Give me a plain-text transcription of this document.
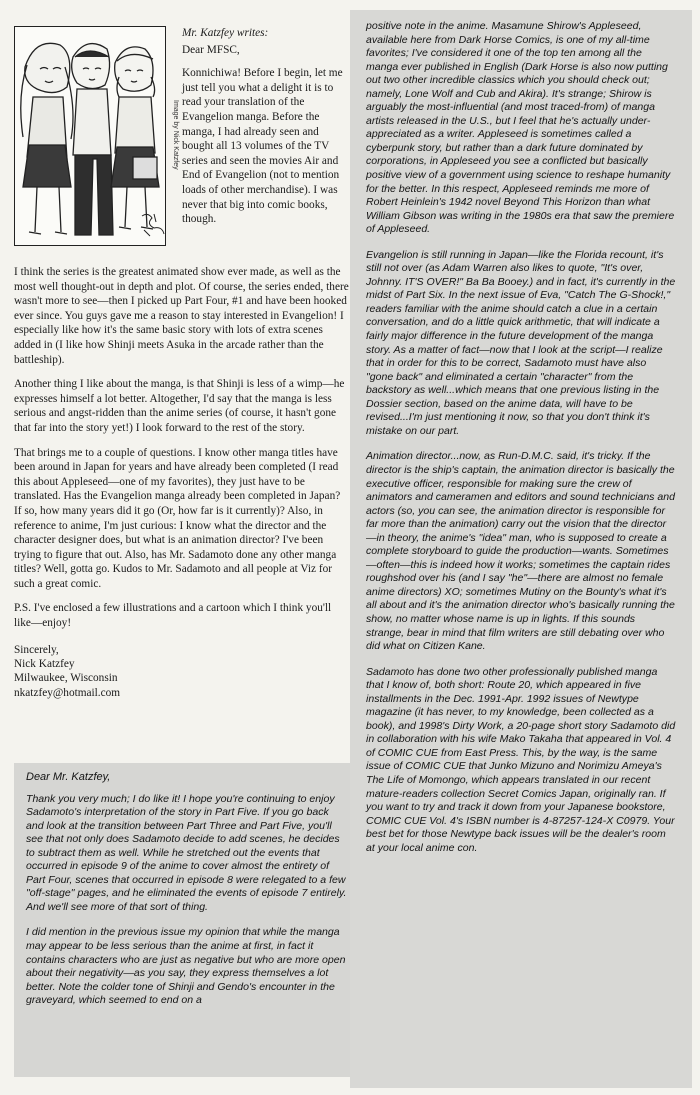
Image by Nick Katzfey
Mr. Katzfey writes:
Dear MFSC,

Konnichiwa! Before I begin, let me just tell you what a delight it is to read your translation of the Evangelion manga. Before the manga, I had already seen and bought all 13 volumes of the TV series and seen the movies Air and End of Evangelion (not to mention loads of other merchandise). I was never that big into comic books, though.

I think the series is the greatest animated show ever made, as well as the most well thought-out in depth and plot. Of course, the series ended, there wasn't more to see—then I picked up Part Four, #1 and have been hooked ever since. You guys gave me a reason to stay interested in Evangelion! I especially like how it's the same basic story with lots of extra scenes added in (I like how Shinji meets Asuka in the arcade rather than the battleship).

Another thing I like about the manga, is that Shinji is less of a wimp—he expresses himself a lot better. Altogether, I'd say that the manga is less serious and angst-ridden than the anime series (of course, it hasn't gone that far into the story yet!) I look forward to the rest of the story.

That brings me to a couple of questions. I know other manga titles have been around in Japan for years and have already been completed (I read this about Appleseed—one of my favorites), they just have to be translated. Has the Evangelion manga already been completed in Japan? If so, how many years did it go (Or, how far is it currently)? Also, in reference to anime, I'm just curious: I know what the director and the character designer does, but what is an animation director? I've been trying to figure that out. Also, has Mr. Sadamoto done any other manga titles? Well, gotta go. Kudos to Mr. Sadamoto and all people at Viz for such a great comic.

P.S. I've enclosed a few illustrations and a cartoon which I think you'll like—enjoy!

Sincerely,
Nick Katzfey
Milwaukee, Wisconsin
nkatzfey@hotmail.com
Dear Mr. Katzfey,

Thank you very much; I do like it! I hope you're continuing to enjoy Sadamoto's interpretation of the story in Part Five. If you go back and look at the transition between Part Three and Part Five, you'll see that not only does Sadamoto decide to add scenes, he decides to subtract them as well. While he stretched out the events that occurred in episode 9 of the anime to cover almost the entirety of Part Four, scenes that occurred in episode 8 were relegated to a few "off-stage" pages, and he eliminated the events of episode 7 entirely. And we'll see more of that sort of thing.

I did mention in the previous issue my opinion that while the manga may appear to be less serious than the anime at first, in fact it contains characters who are just as negative but who are more open about their negativity—as you say, they express themselves a lot better. Note the colder tone of Shinji and Gendo's encounter in the graveyard, which seemed to end on a

positive note in the anime. Masamune Shirow's Appleseed, available here from Dark Horse Comics, is one of my all-time favorites; I've considered it one of the top ten among all the manga ever published in English (Dark Horse is also now putting out two other incredible classics which you should check out; namely, Lone Wolf and Cub and Akira). It's strange; Shirow is arguably the most-influential (and most traced-from) of manga artists released in the U.S., but I feel that he's actually under-appreciated as a writer. Appleseed is sometimes called a cyberpunk story, but rather than a dark future dominated by corporations, in Appleseed you see a conflicted but basically positive view of a government using science to reshape humanity for the better. In this respect, Appleseed reminds me more of Robert Heinlein's 1942 novel Beyond This Horizon than what William Gibson was writing in the 1980s era that saw the premiere of Appleseed.

Evangelion is still running in Japan—like the Florida recount, it's still not over (as Adam Warren also likes to quote, "It's over, Johnny. IT'S OVER!" Ba Ba Booey.) and in fact, it's currently in the midst of Part Six. In the next issue of Eva, "Catch The G-Shock!," readers familiar with the anime should catch a clue in a certain conversation, and do a little quick arithmetic, that will indicate a fairly major difference in the future development of the manga story. As a matter of fact—now that I look at the script—I realize that in order for this to be correct, Sadamoto must have also "gone back" and eliminated a certain "character" from the backstory as well...which means that one previous listing in the Dossier section, based on the anime data, will have to be revised...I'm just mentioning it now, so that you don't think it's mistake on our part.

Animation director...now, as Run-D.M.C. said, it's tricky. If the director is the ship's captain, the animation director is basically the executive officer, responsible for making sure the crew of animators and cameramen and editors and sound technicians and actors (so, you can see, the animation director is responsible for far more than the animation) carry out the vision that the director—in theory, the anime's "idea" man, who is supposed to create a complete storyboard to guide the production—wants. Sometimes—often—this is indeed how it works; sometimes the captain rides roughshod over his (and I say "he"—there are almost no female anime directors) XO; sometimes Mutiny on the Bounty's what it's all about and it's the animation director who's basically running the show, no matter whose name is up in lights. If this sounds strange, bear in mind that film writers are still debating over who did what on Citizen Kane.

Sadamoto has done two other professionally published manga that I know of, both short: Route 20, which appeared in five installments in the Dec. 1991-Apr. 1992 issues of Newtype magazine (it has never, to my knowledge, been collected as a book), and 1998's Dirty Work, a 20-page short story Sadamoto did in collaboration with his wife Mako Takaha that appeared in Vol. 4 of COMIC CUE from East Press. This, by the way, is the same issue of COMIC CUE that Junko Mizuno and Norimizu Ameya's The Life of Momongo, which appears translated in our recent mature-readers collection Secret Comics Japan, originally ran. If you want to try and track it down from your Japanese bookstore, COMIC CUE Vol. 4's ISBN number is 4-87257-124-X C0979. Your best bet for those Newtype back issues will be the dealer's room at your local anime con.
